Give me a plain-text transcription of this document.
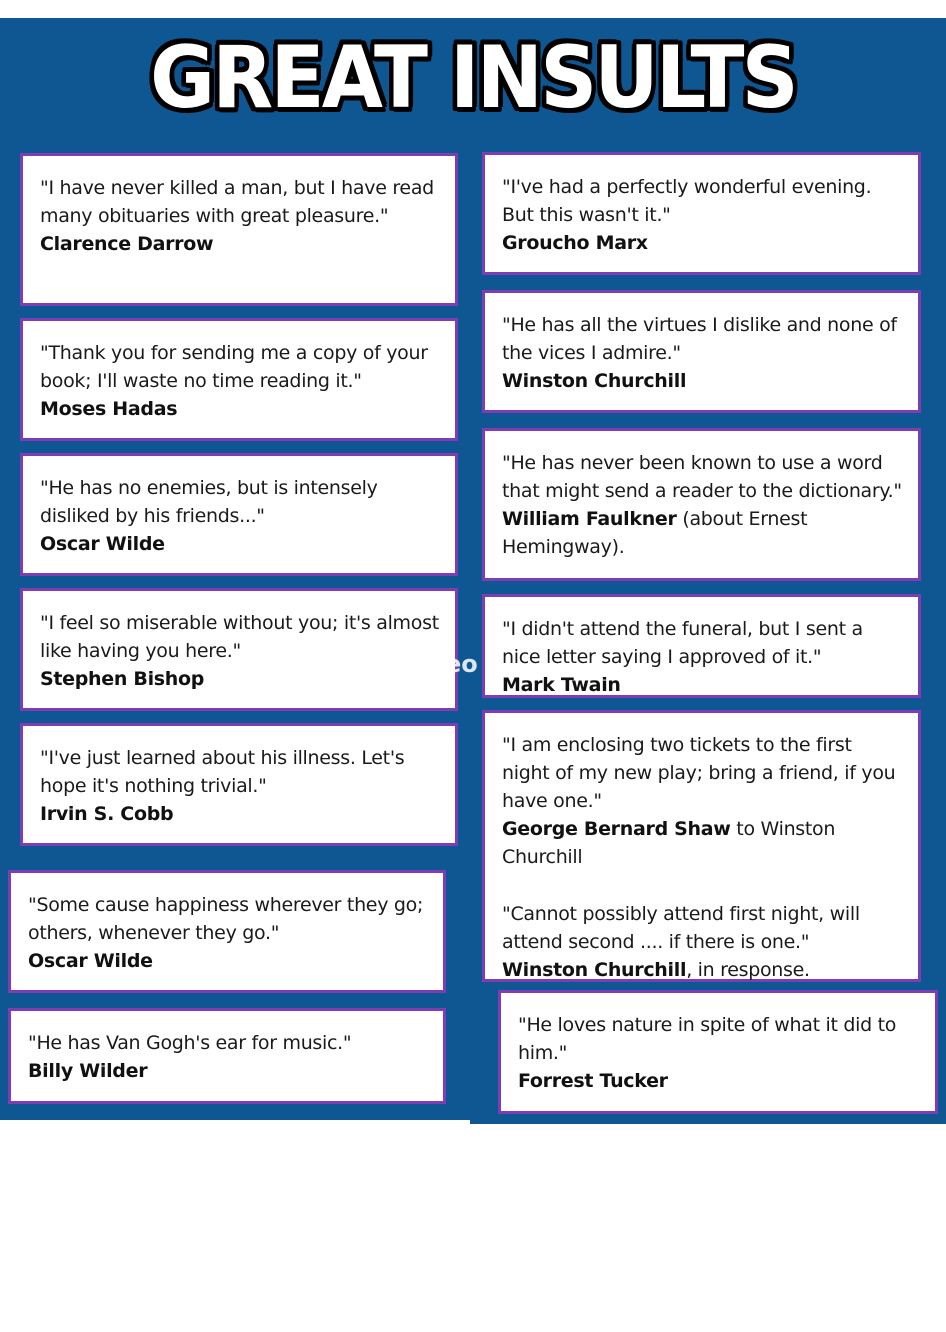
GREAT INSULTS
"I have never killed a man, but I have read many obituaries with great pleasure."
Clarence Darrow
"Thank you for sending me a copy of your book; I'll waste no time reading it."
Moses Hadas
"He has no enemies, but is intensely disliked by his friends..."
Oscar Wilde
"I feel so miserable without you; it's almost like having you here."
Stephen Bishop
"I've just learned about his illness. Let's hope it's nothing trivial."
Irvin S. Cobb
"Some cause happiness wherever they go; others, whenever they go."
Oscar Wilde
"He has Van Gogh's ear for music."
Billy Wilder
"I've had a perfectly wonderful evening. But this wasn't it."
Groucho Marx
"He has all the virtues I dislike and none of the vices I admire."
Winston Churchill
"He has never been known to use a word that might send a reader to the dictionary." William Faulkner (about Ernest Hemingway).
"I didn't attend the funeral, but I sent a nice letter saying I approved of it."
Mark Twain
"I am enclosing two tickets to the first night of my new play; bring a friend, if you have one."
George Bernard Shaw to Winston Churchill
"Cannot possibly attend first night, will attend second .... if there is one."
Winston Churchill, in response.
"He loves nature in spite of what it did to him."
Forrest Tucker
eo
